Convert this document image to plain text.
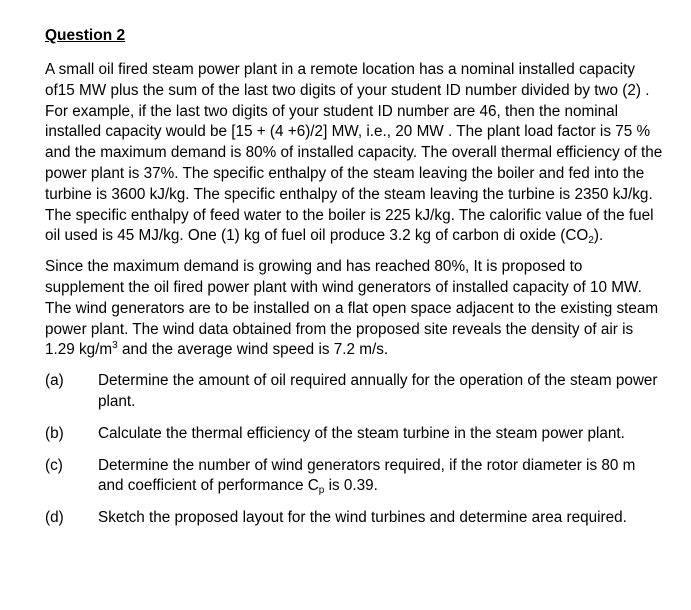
Question 2

A small oil fired steam power plant in a remote location has a nominal installed capacity of15 MW plus the sum of the last two digits of your student ID number divided by two (2) . For example, if the last two digits of your student ID number are 46, then the nominal installed capacity would be [15 + (4 +6)/2] MW, i.e., 20 MW . The plant load factor is 75 % and the maximum demand is 80% of installed capacity. The overall thermal efficiency of the power plant is 37%. The specific enthalpy of the steam leaving the boiler and fed into the turbine is 3600 kJ/kg. The specific enthalpy of the steam leaving the turbine is 2350 kJ/kg. The specific enthalpy of feed water to the boiler is 225 kJ/kg. The calorific value of the fuel oil used is 45 MJ/kg. One (1) kg of fuel oil produce 3.2 kg of carbon di oxide $(CO_2)$.

Since the maximum demand is growing and has reached 80%, It is proposed to supplement the oil fired power plant with wind generators of installed capacity of 10 MW. The wind generators are to be installed on a flat open space adjacent to the existing steam power plant. The wind data obtained from the proposed site reveals the density of air is 1.29 $kg/m^3$ and the average wind speed is 7.2 m/s.

(a)	Determine the amount of oil required annually for the operation of the steam power plant.
(b)	Calculate the thermal efficiency of the steam turbine in the steam power plant.
(c)	Determine the number of wind generators required, if the rotor diameter is 80 m and coefficient of performance $C_p$ is 0.39.
(d)	Sketch the proposed layout for the wind turbines and determine area required.
